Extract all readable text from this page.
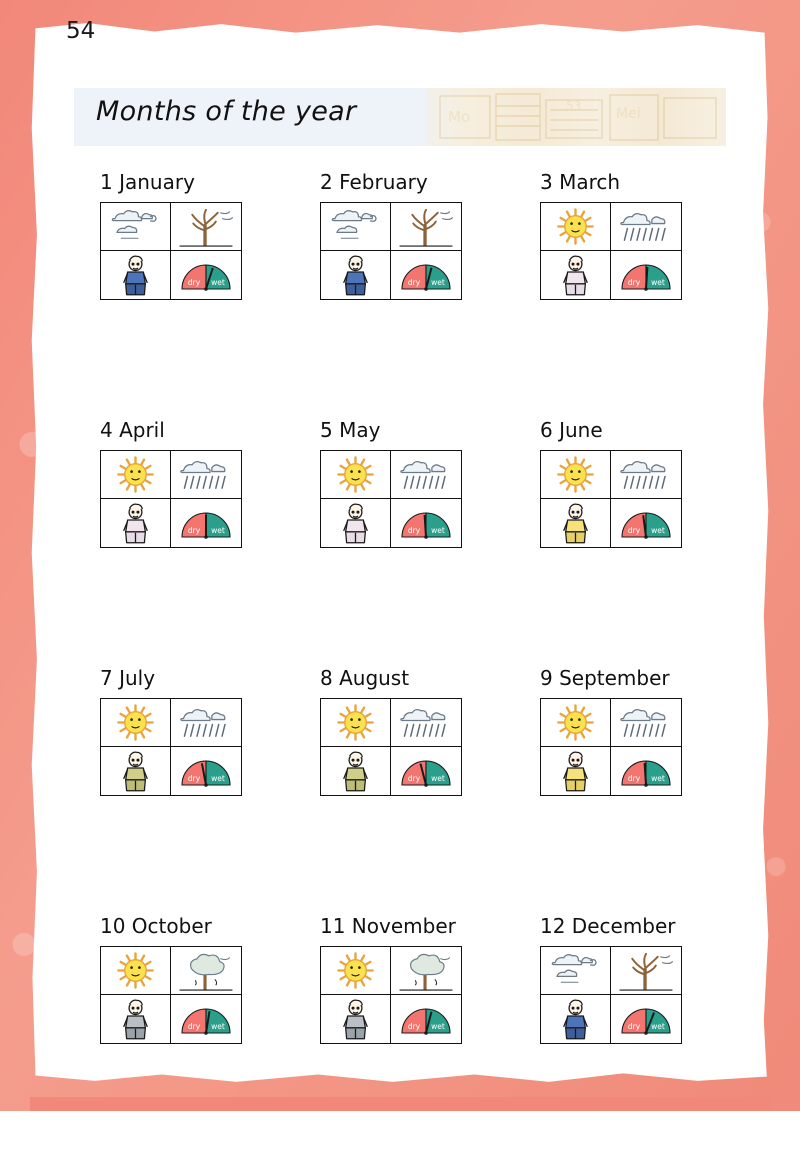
54
Mo	Mei
53
Months of the year
1 January
dry wet
2 February
dry wet
3 March
dry wet
4 April
dry wet
5 May
dry wet
6 June
dry wet
7 July
dry wet
8 August
dry wet
9 September
dry wet
10 October
dry wet
11 November
dry wet
12 December
dry wet
